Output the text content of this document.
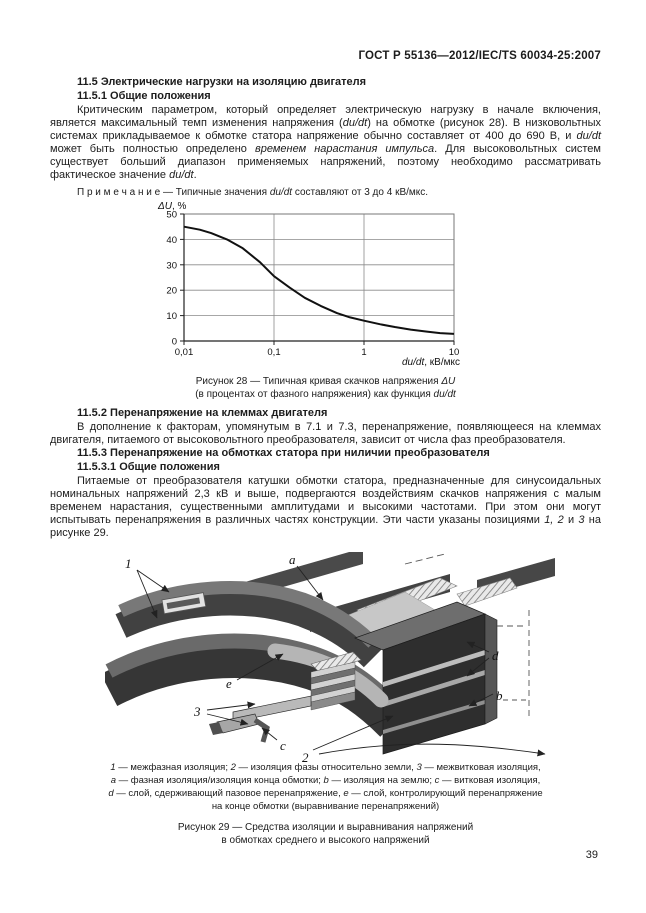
ГОСТ Р 55136—2012/IEC/TS 60034-25:2007
11.5 Электрические нагрузки на изоляцию двигателя
11.5.1 Общие положения

Критическим параметром, который определяет электрическую нагрузку в начале включения, является максимальный темп изменения напряжения (du/dt) на обмотке (рисунок 28). В низковольтных системах прикладываемое к обмотке статора напряжение обычно составляет от 400 до 690 В, и du/dt может быть полностью определено временем нарастания импульса. Для высоковольтных систем существует больший диапазон применяемых напряжений, поэтому необходимо рассматривать фактическое значение du/dt.

П р и м е ч а н и е — Типичные значения du/dt составляют от 3 до 4 кВ/мкс.

0
10
20
30
40
50
0,01	0,1	1	10
ΔU, %
du/dt, кВ/мкс
Рисунок 28 — Типичная кривая скачков напряжения ΔU
(в процентах от фазного напряжения) как функция du/dt
11.5.2 Перенапряжение на клеммах двигателя

В дополнение к факторам, упомянутым в 7.1 и 7.3, перенапряжение, появляющееся на клеммах двигателя, питаемого от высоковольтного преобразователя, зависит от числа фаз преобразователя.

11.5.3 Перенапряжение на обмотках статора при ниличии преобразователя
11.5.3.1 Общие положения

Питаемые от преобразователя катушки обмотки статора, предназначенные для синусоидальных номинальных напряжений 2,3 кВ и выше, подвергаются воздействиям скачков напряжения с малым временем нарастания, существенными амплитудами и высокими частотами. При этом они могут испытывать перенапряжения в различных частях конструкции. Эти части указаны позициями 1, 2 и 3 на рисунке 29.

1	a
d
b
e
3
c
2
1 — межфазная изоляция; 2 — изоляция фазы относительно земли, 3 — межвитковая изоляция,
a — фазная изоляция/изоляция конца обмотки; b — изоляция на землю; c — витковая изоляция,
d — слой, сдерживающий пазовое перенапряжение, e — слой, контролирующий перенапряжение
на конце обмотки (выравнивание перенапряжений)
Рисунок 29 — Средства изоляции и выравнивания напряжений
в обмотках среднего и высокого напряжений
39
